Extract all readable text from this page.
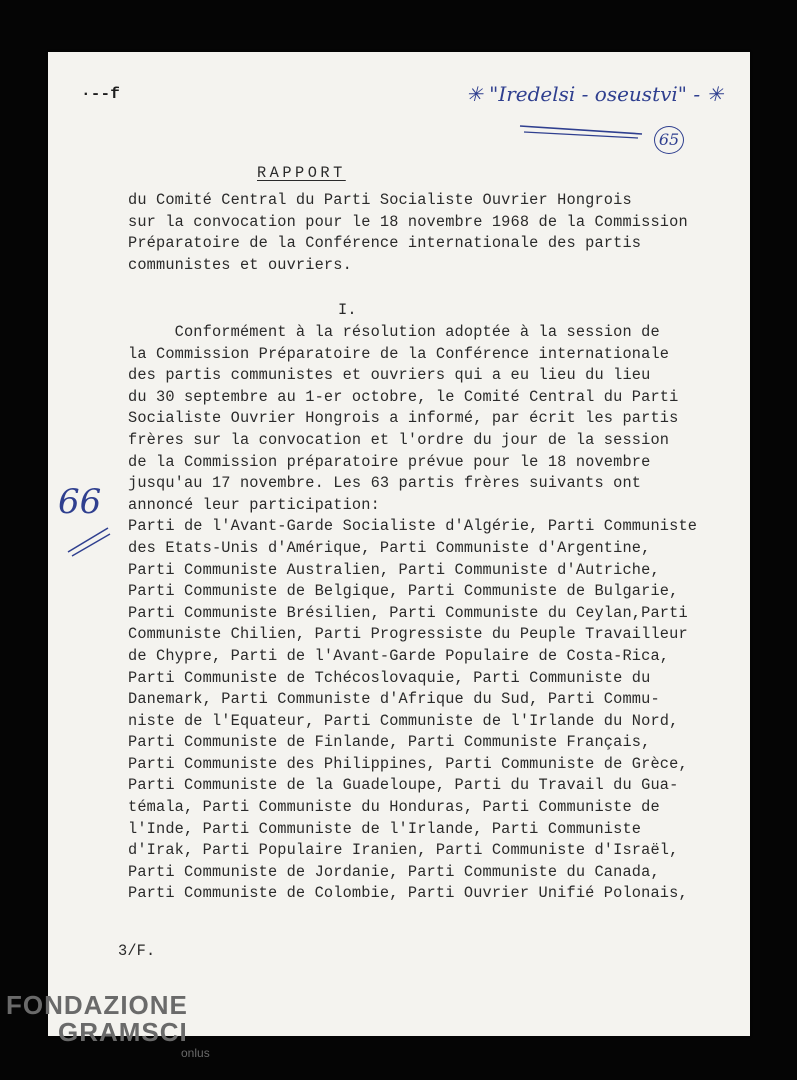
·--f	✳ "Iredelsi - oseustvi" - ✳
65
RAPPORT
du Comité Central du Parti Socialiste Ouvrier Hongrois
sur la convocation pour le 18 novembre 1968 de la Commission
Préparatoire de la Conférence internationale des partis
communistes et ouvriers.
I.
Conformément à la résolution adoptée à la session de
la Commission Préparatoire de la Conférence internationale
des partis communistes et ouvriers qui a eu lieu du lieu
du 30 septembre au 1-er octobre, le Comité Central du Parti
Socialiste Ouvrier Hongrois a informé, par écrit les partis
frères sur la convocation et l'ordre du jour de la session
de la Commission préparatoire prévue pour le 18 novembre
jusqu'au 17 novembre. Les 63 partis frères suivants ont
annoncé leur participation:
Parti de l'Avant-Garde Socialiste d'Algérie, Parti Communiste
des Etats-Unis d'Amérique, Parti Communiste d'Argentine,
Parti Communiste Australien, Parti Communiste d'Autriche,
Parti Communiste de Belgique, Parti Communiste de Bulgarie,
Parti Communiste Brésilien, Parti Communiste du Ceylan,Parti
Communiste Chilien, Parti Progressiste du Peuple Travailleur
de Chypre, Parti de l'Avant-Garde Populaire de Costa-Rica,
Parti Communiste de Tchécoslovaquie, Parti Communiste du
Danemark, Parti Communiste d'Afrique du Sud, Parti Commu-
niste de l'Equateur, Parti Communiste de l'Irlande du Nord,
Parti Communiste de Finlande, Parti Communiste Français,
Parti Communiste des Philippines, Parti Communiste de Grèce,
Parti Communiste de la Guadeloupe, Parti du Travail du Gua-
témala, Parti Communiste du Honduras, Parti Communiste de
l'Inde, Parti Communiste de l'Irlande, Parti Communiste
d'Irak, Parti Populaire Iranien, Parti Communiste d'Israël,
Parti Communiste de Jordanie, Parti Communiste du Canada,
Parti Communiste de Colombie, Parti Ouvrier Unifié Polonais,
66
3/F.
FONDAZIONE
GRAMSCI
onlus
